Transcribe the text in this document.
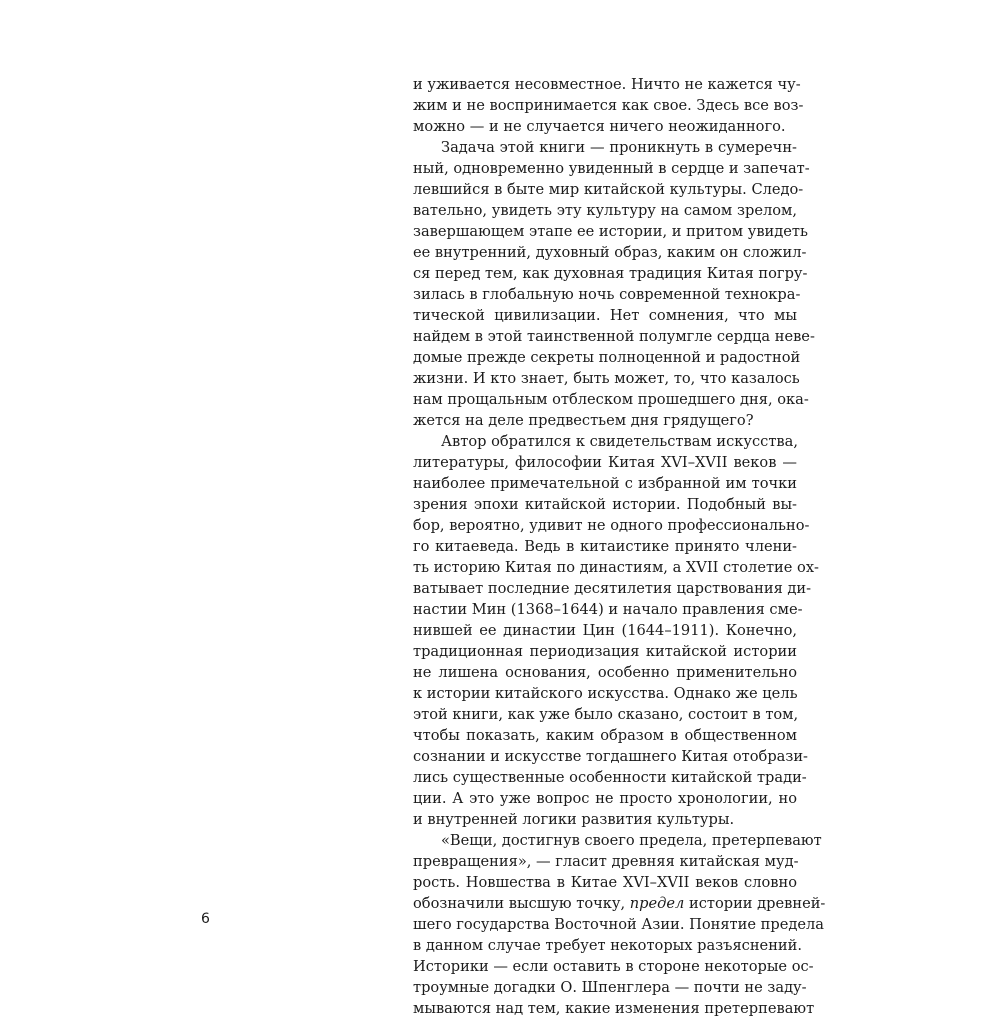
и уживается несовместное. Ничто не кажется чу-
жим и не воспринимается как свое. Здесь все воз-
можно — и не случается ничего неожиданного.
Задача этой книги — проникнуть в сумеречн-
ный, одновременно увиденный в сердце и запечат-
левшийся в быте мир китайской культуры. Следо-
вательно, увидеть эту культуру на самом зрелом,
завершающем этапе ее истории, и притом увидеть
ее внутренний, духовный образ, каким он сложил-
ся перед тем, как духовная традиция Китая погру-
зилась в глобальную ночь современной технокра-
тической цивилизации. Нет сомнения, что мы
найдем в этой таинственной полумгле сердца неве-
домые прежде секреты полноценной и радостной
жизни. И кто знает, быть может, то, что казалось
нам прощальным отблеском прошедшего дня, ока-
жется на деле предвестьем дня грядущего?
Автор обратился к свидетельствам искусства,
литературы, философии Китая XVI–XVII веков —
наиболее примечательной с избранной им точки
зрения эпохи китайской истории. Подобный вы-
бор, вероятно, удивит не одного профессионально-
го китаеведа. Ведь в китаистике принято члени-
ть историю Китая по династиям, а XVII столетие ох-
ватывает последние десятилетия царствования ди-
настии Мин (1368–1644) и начало правления сме-
нившей ее династии Цин (1644–1911). Конечно,
традиционная периодизация китайской истории
не лишена основания, особенно применительно
к истории китайского искусства. Однако же цель
этой книги, как уже было сказано, состоит в том,
чтобы показать, каким образом в общественном
сознании и искусстве тогдашнего Китая отобрази-
лись существенные особенности китайской тради-
ции. А это уже вопрос не просто хронологии, но
и внутренней логики развития культуры.
«Вещи, достигнув своего предела, претерпевают
превращения», — гласит древняя китайская муд-
рость. Новшества в Китае XVI–XVII веков словно
обозначили высшую точку, предел истории древней-
шего государства Восточной Азии. Понятие предела
в данном случае требует некоторых разъяснений.
Историки — если оставить в стороне некоторые ос-
троумные догадки О. Шпенглера — почти не заду-
мываются над тем, какие изменения претерпевают
6
